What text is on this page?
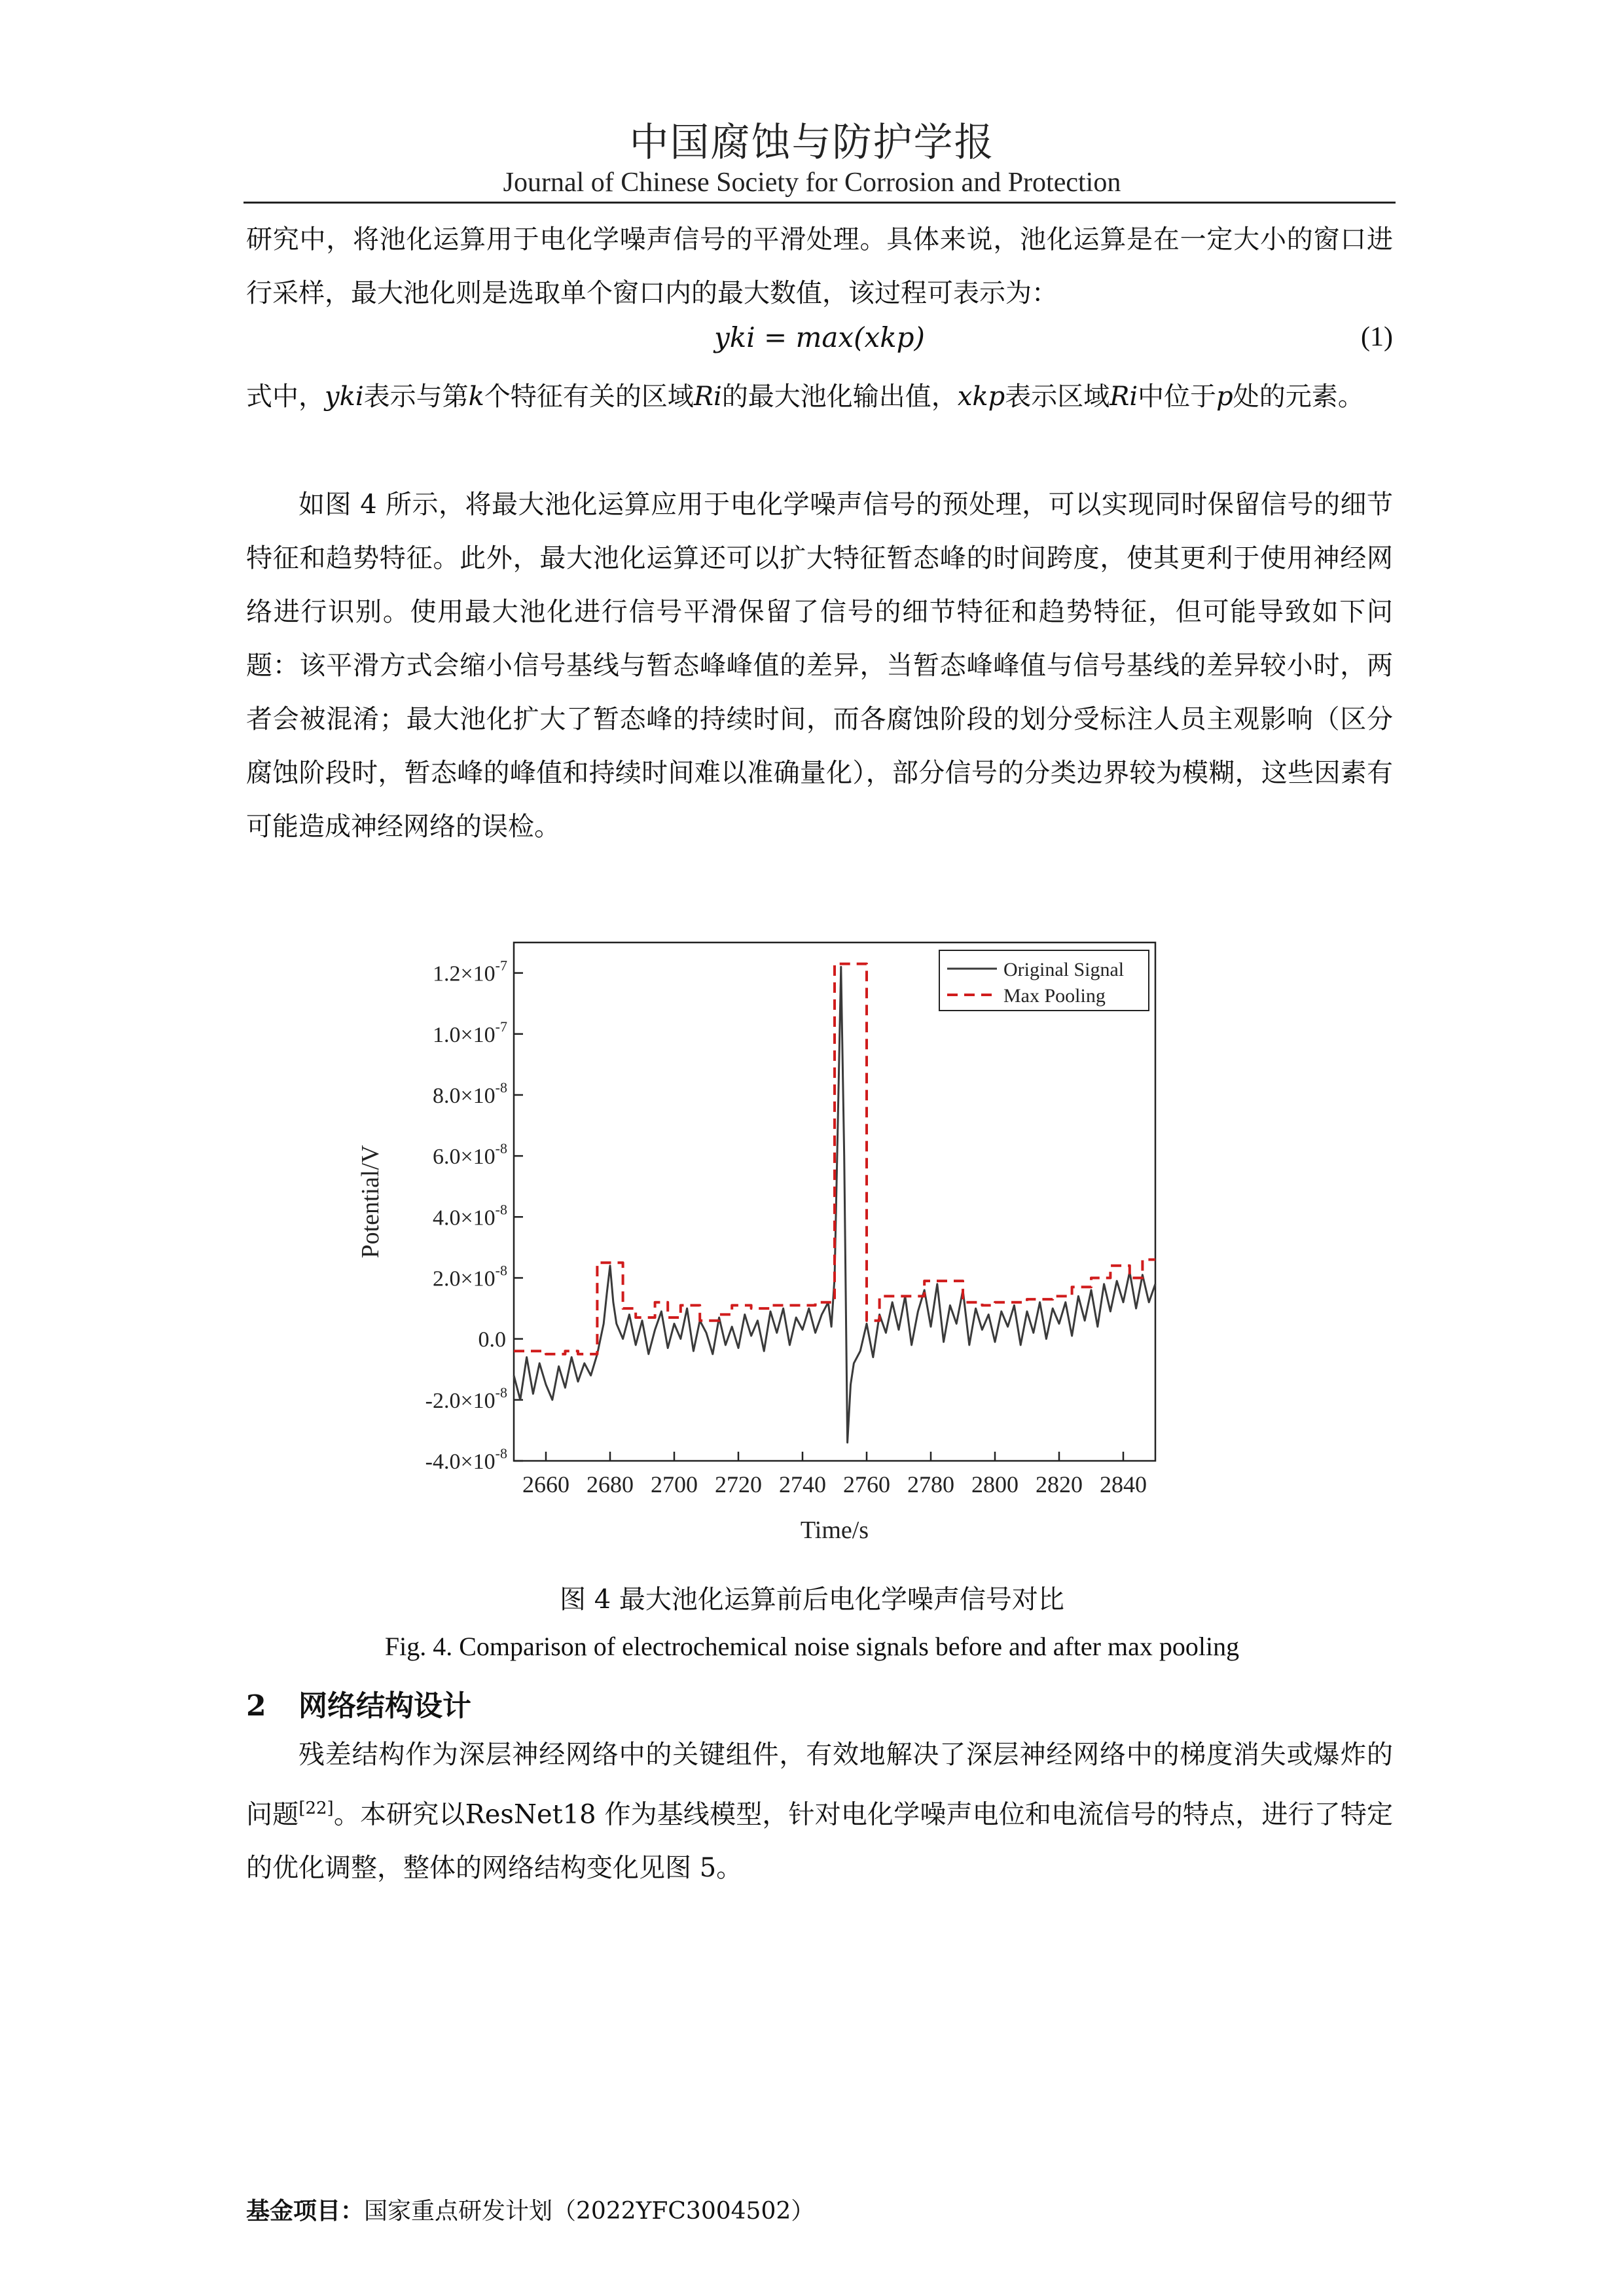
中国腐蚀与防护学报
Journal of Chinese Society for Corrosion and Protection

研究中，将池化运算用于电化学噪声信号的平滑处理。具体来说，池化运算是在一定大小的窗口进行采样，最大池化则是选取单个窗口内的最大数值，该过程可表示为：

yki = max(xkp)	(1)

式中，yki表示与第k个特征有关的区域Ri的最大池化输出值，xkp表示区域Ri中位于p处的元素。

如图 4 所示，将最大池化运算应用于电化学噪声信号的预处理，可以实现同时保留信号的细节特征和趋势特征。此外，最大池化运算还可以扩大特征暂态峰的时间跨度，使其更利于使用神经网络进行识别。使用最大池化进行信号平滑保留了信号的细节特征和趋势特征，但可能导致如下问题：该平滑方式会缩小信号基线与暂态峰峰值的差异，当暂态峰峰值与信号基线的差异较小时，两者会被混淆；最大池化扩大了暂态峰的持续时间，而各腐蚀阶段的划分受标注人员主观影响（区分腐蚀阶段时，暂态峰的峰值和持续时间难以准确量化），部分信号的分类边界较为模糊，这些因素有可能造成神经网络的误检。

2660 2680 2700 2720 2740 2760 2780 2800 2820 2840
$-4.0\times 10^{-8}$
$-2.0\times 10^{-8}$
0.0
$2.0\times 10^{-8}$
$4.0\times 10^{-8}$
$6.0\times 10^{-8}$
$8.0\times 10^{-8}$
$1.0\times 10^{-7}$
$1.2\times 10^{-7}$
Time/s
Potential/V
Original Signal
Max Pooling
图 4 最大池化运算前后电化学噪声信号对比
Fig. 4. Comparison of electrochemical noise signals before and after max pooling
2 网络结构设计

残差结构作为深层神经网络中的关键组件，有效地解决了深层神经网络中的梯度消失或爆炸的问题[22]。本研究以ResNet18 作为基线模型，针对电化学噪声电位和电流信号的特点，进行了特定的优化调整，整体的网络结构变化见图 5。

基金项目：国家重点研发计划（2022YFC3004502）
